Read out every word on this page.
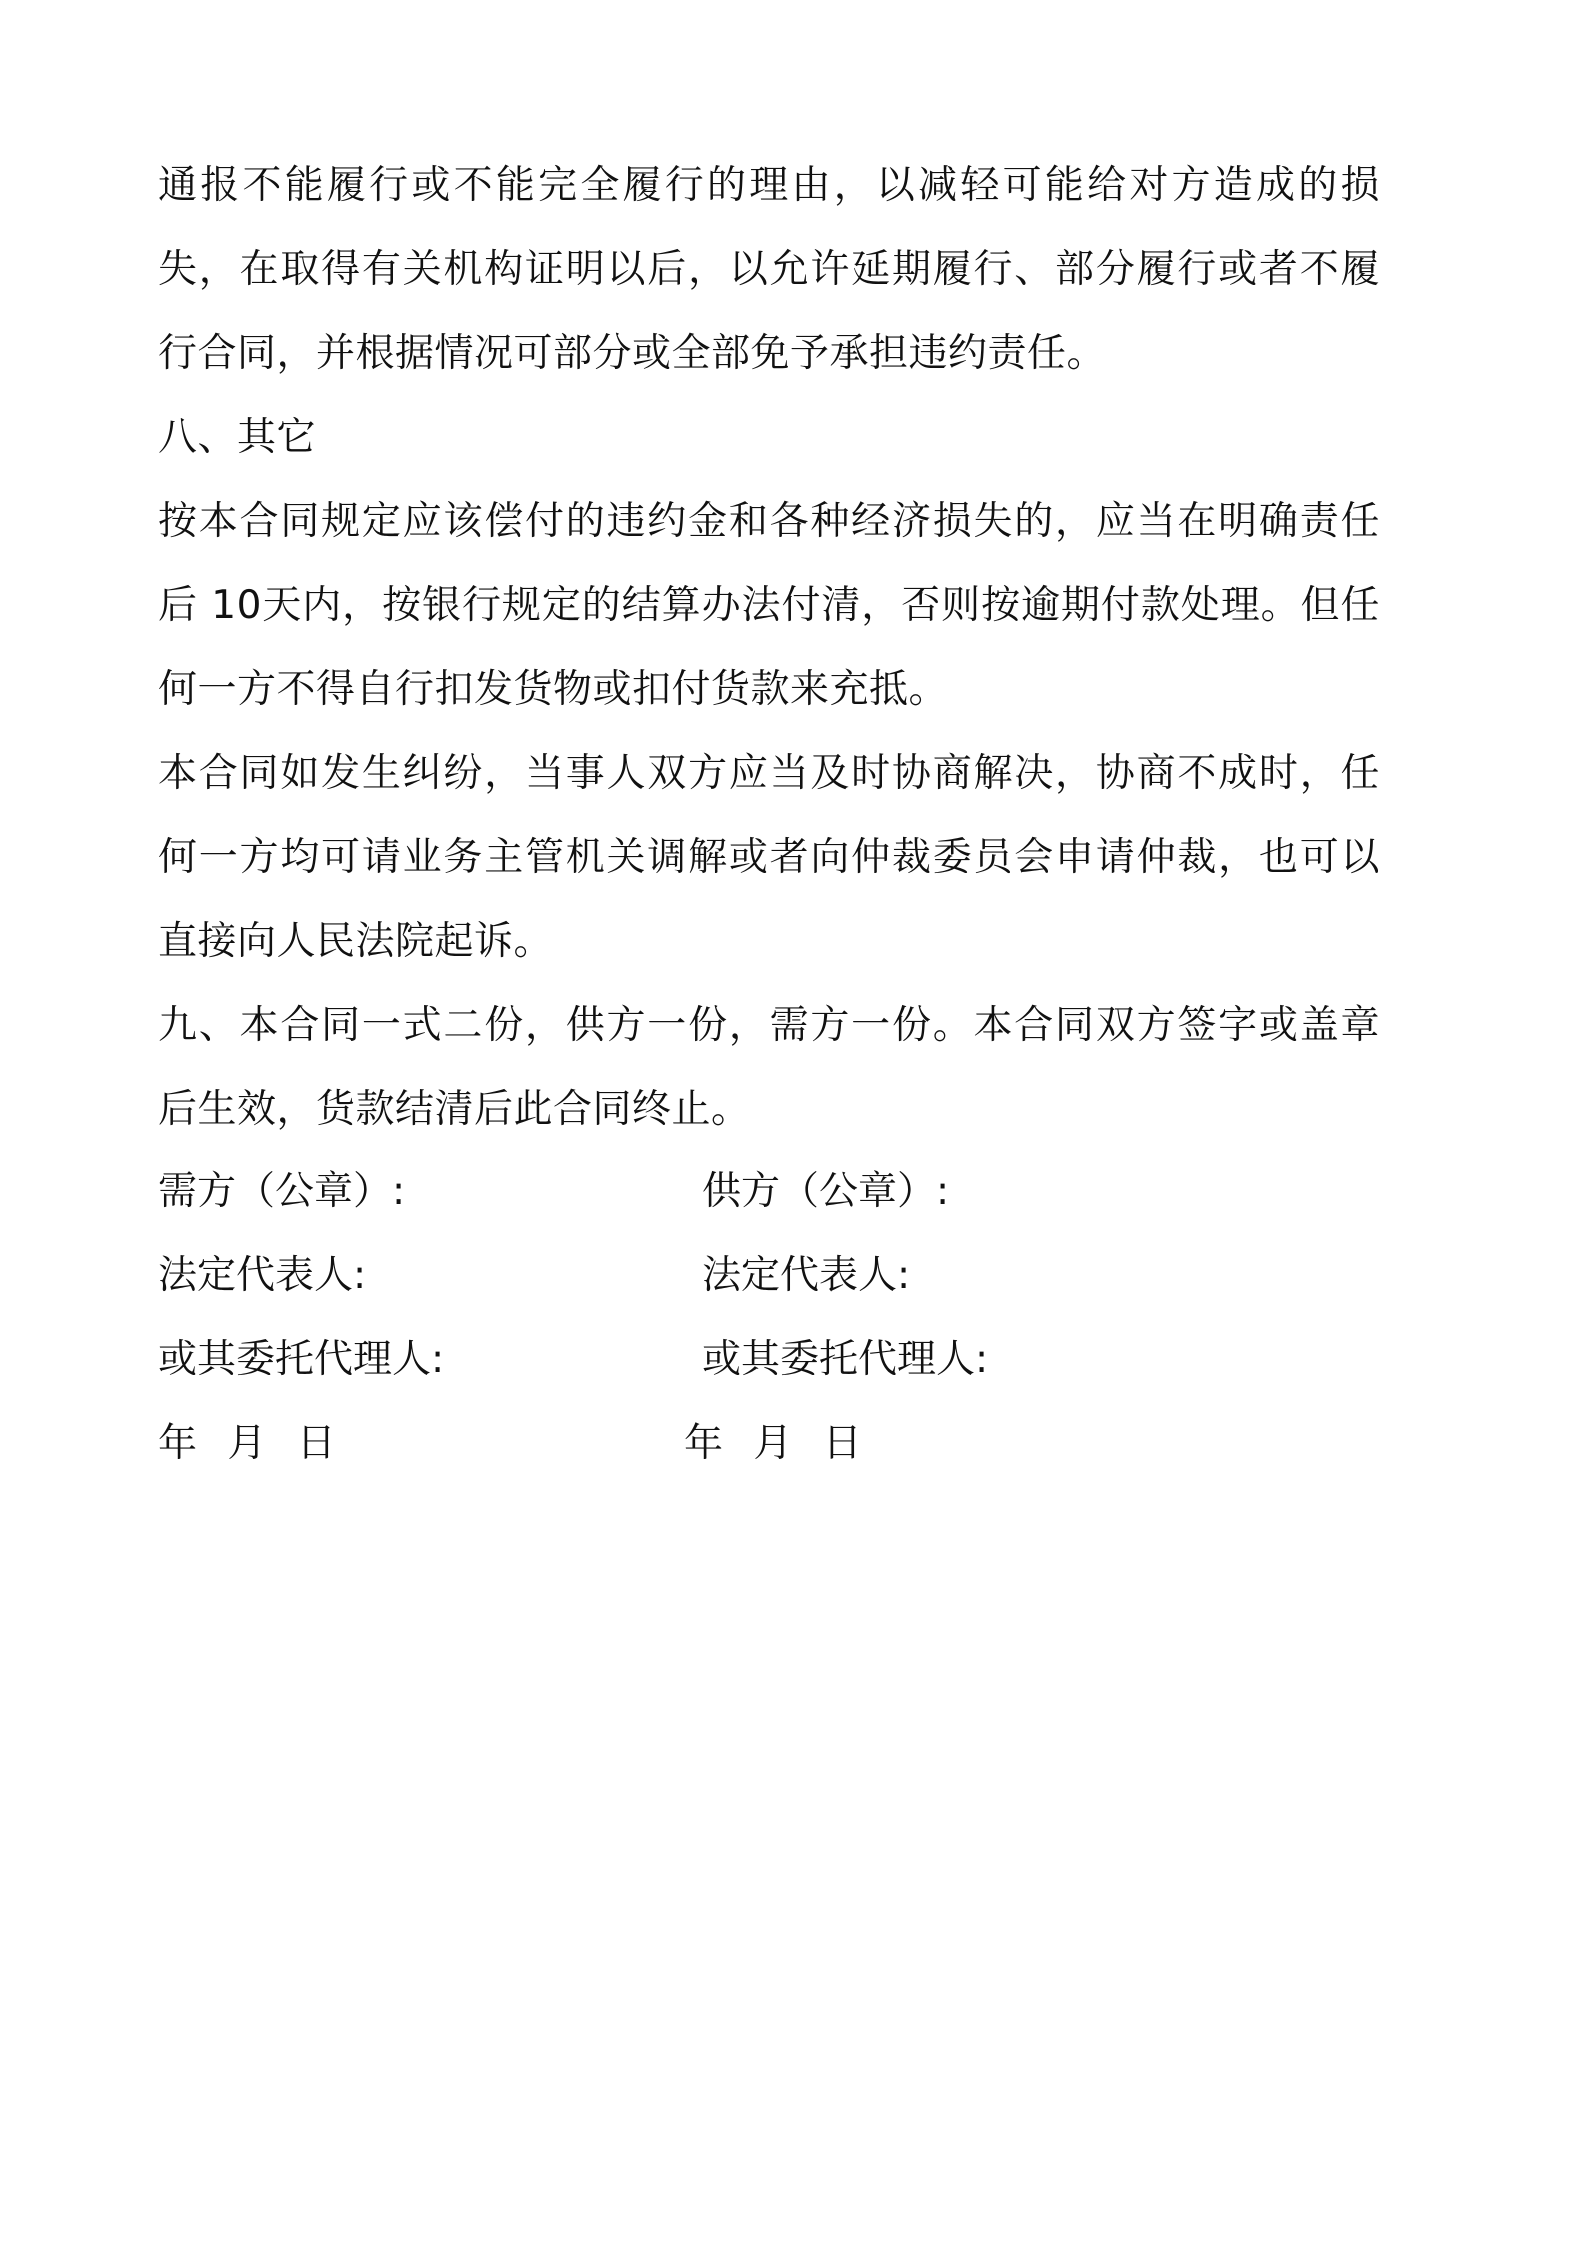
通报不能履行或不能完全履行的理由，以减轻可能给对方造成的损失，在取得有关机构证明以后，以允许延期履行、部分履行或者不履行合同，并根据情况可部分或全部免予承担违约责任。

八、其它

按本合同规定应该偿付的违约金和各种经济损失的，应当在明确责任后 10天内，按银行规定的结算办法付清，否则按逾期付款处理。但任何一方不得自行扣发货物或扣付货款来充抵。

本合同如发生纠纷，当事人双方应当及时协商解决，协商不成时，任何一方均可请业务主管机关调解或者向仲裁委员会申请仲裁，也可以直接向人民法院起诉。

九、本合同一式二份，供方一份，需方一份。本合同双方签字或盖章后生效，货款结清后此合同终止。

需方（公章）:	供方（公章）:
法定代表人:	法定代表人:
或其委托代理人:	或其委托代理人:
年 月 日	年 月 日
